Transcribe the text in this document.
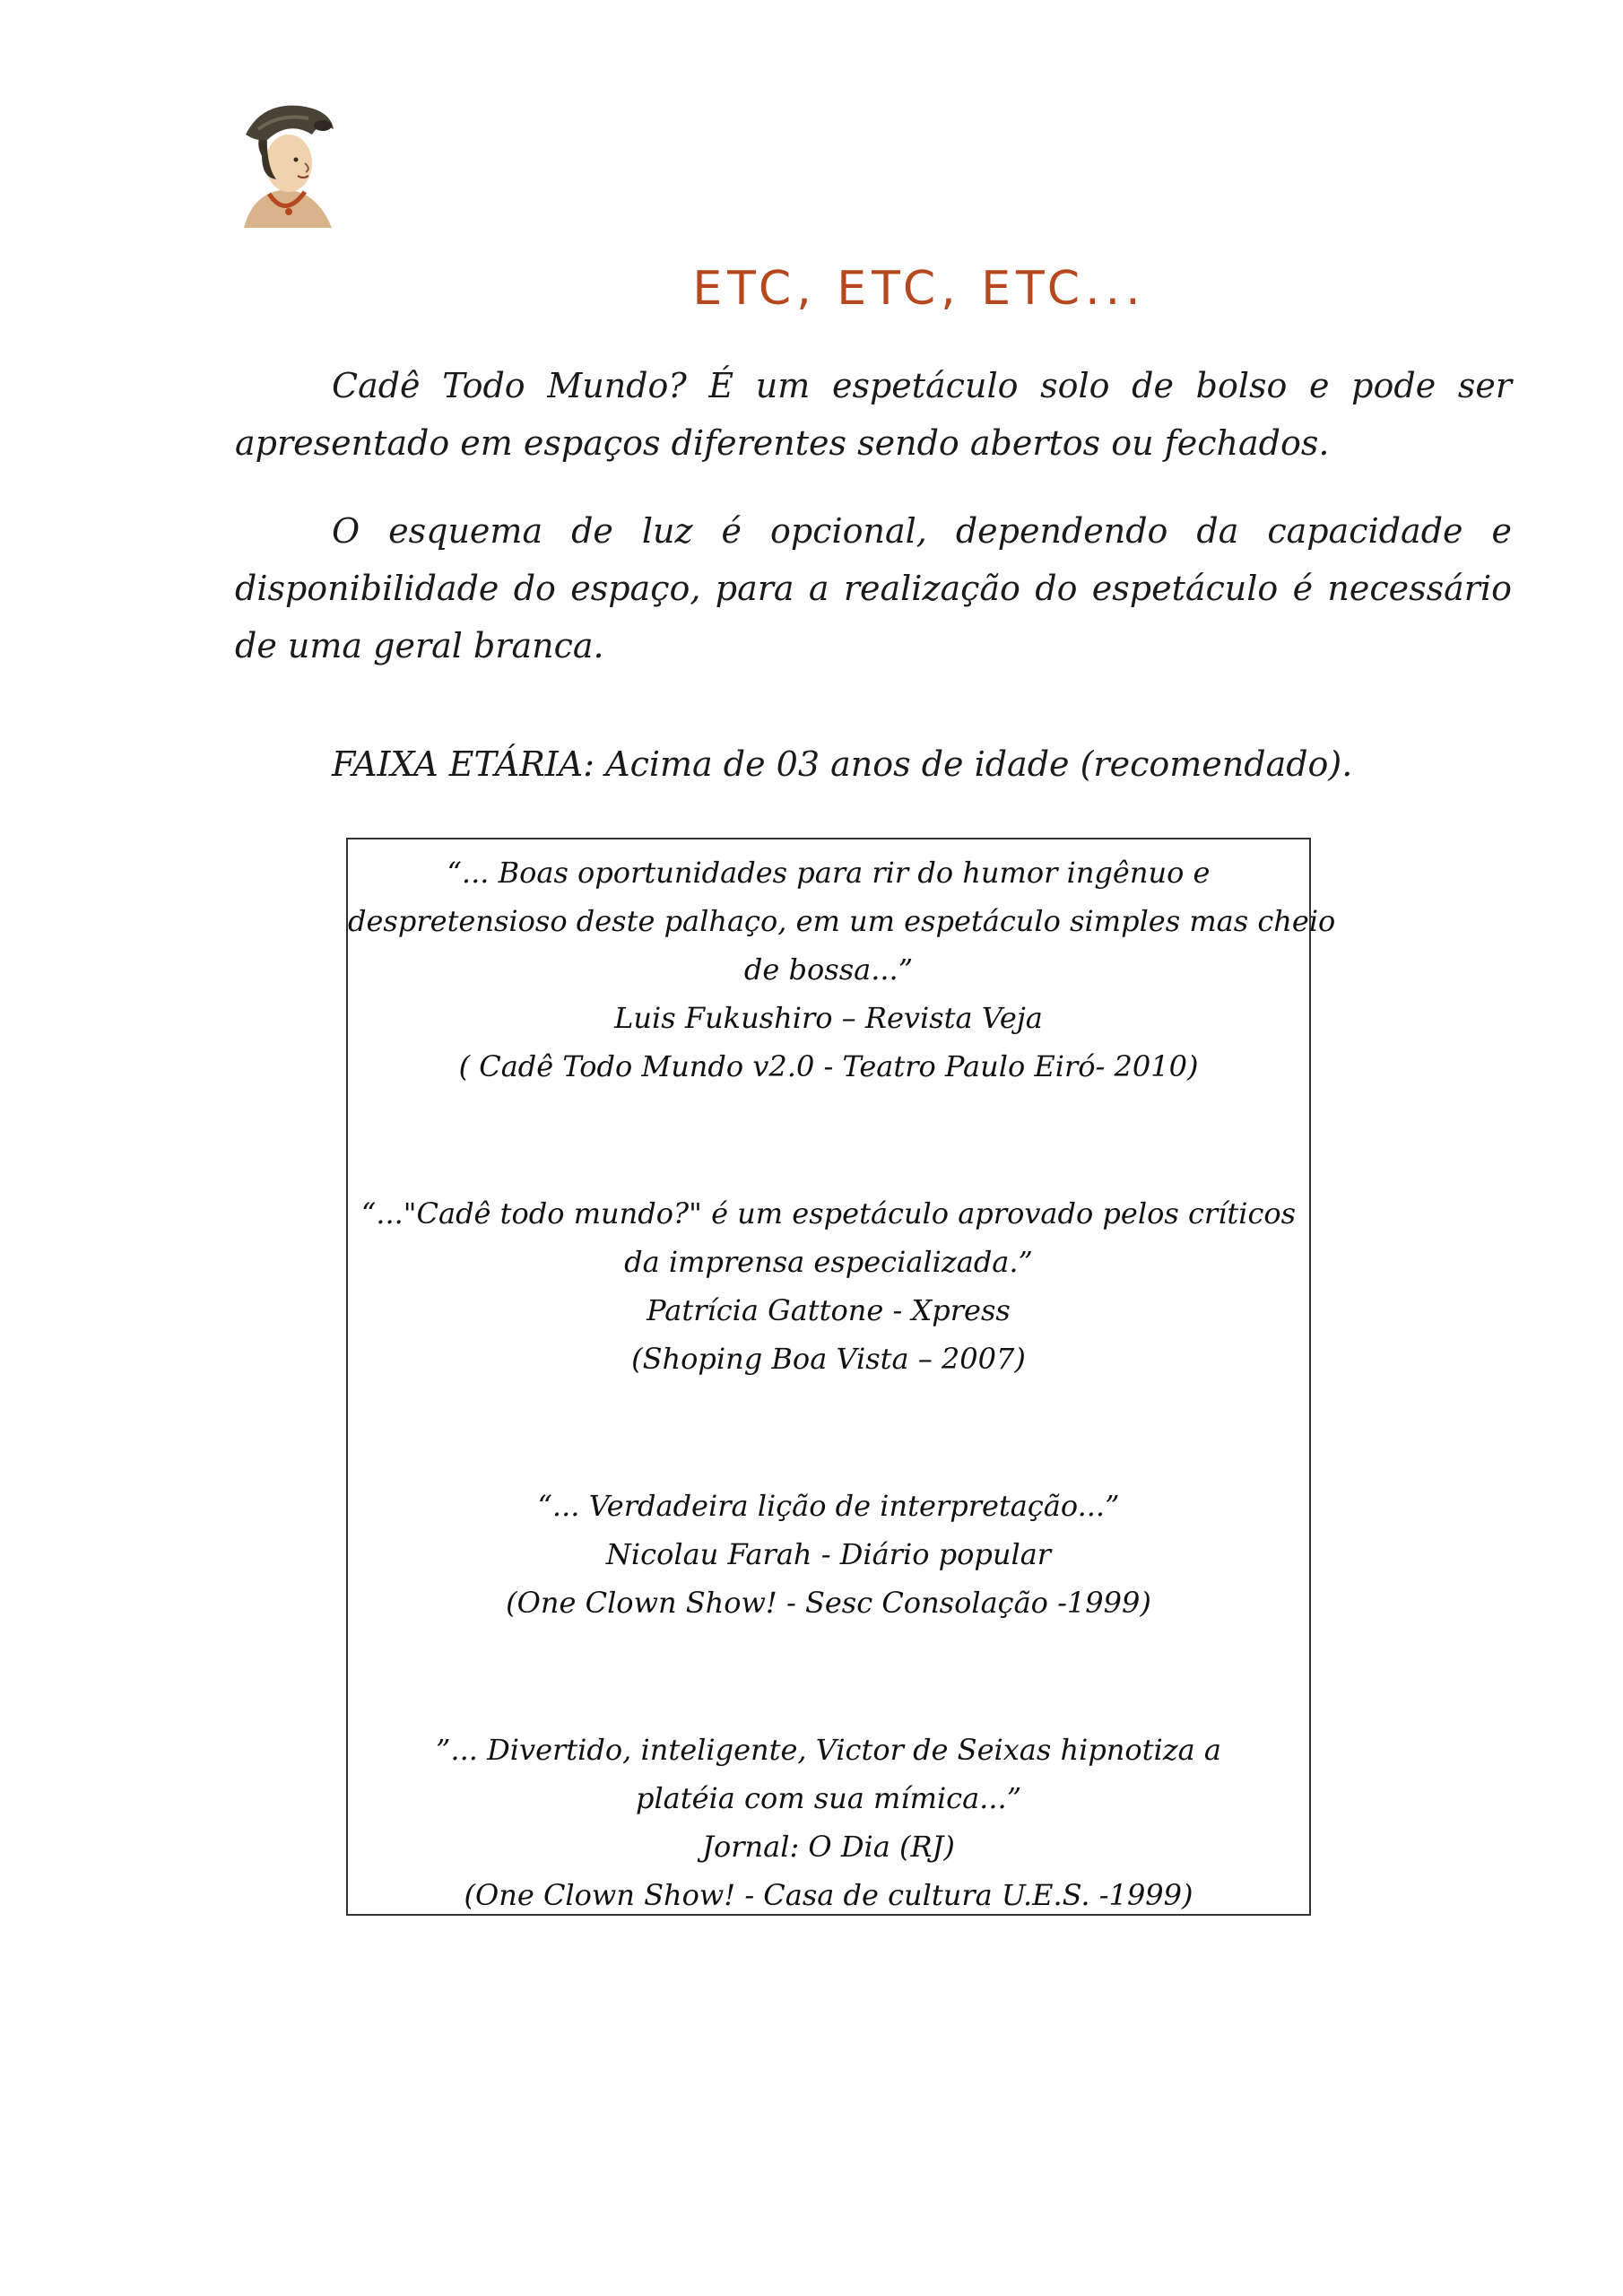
ETC, ETC, ETC...

Cadê Todo Mundo? É um espetáculo solo de bolso e pode ser apresentado em espaços diferentes sendo abertos ou fechados.

O esquema de luz é opcional, dependendo da capacidade e disponibilidade do espaço, para a realização do espetáculo é necessário de uma geral branca.

FAIXA ETÁRIA: Acima de 03 anos de idade (recomendado).
“... Boas oportunidades para rir do humor ingênuo e
despretensioso deste palhaço, em um espetáculo simples mas cheio
de bossa...”
Luis Fukushiro – Revista Veja
( Cadê Todo Mundo v2.0 - Teatro Paulo Eiró- 2010)
“..."Cadê todo mundo?" é um espetáculo aprovado pelos críticos
da imprensa especializada.”
Patrícia Gattone - Xpress
(Shoping Boa Vista – 2007)
“... Verdadeira lição de interpretação...”
Nicolau Farah - Diário popular
(One Clown Show! - Sesc Consolação -1999)
”... Divertido, inteligente, Victor de Seixas hipnotiza a
platéia com sua mímica...”
Jornal: O Dia (RJ)
(One Clown Show! - Casa de cultura U.E.S. -1999)
